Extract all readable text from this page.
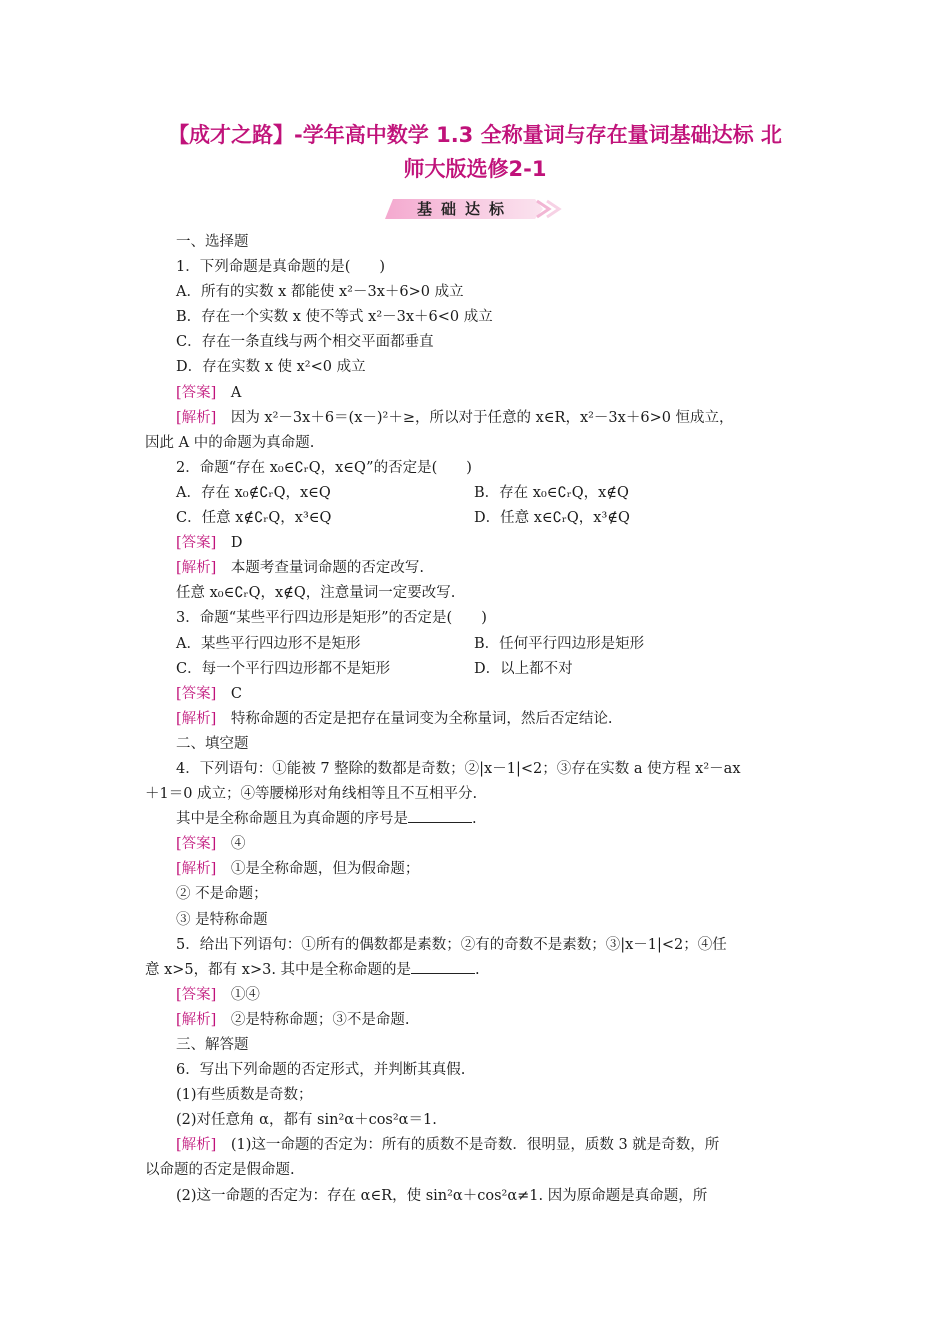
【成才之路】-学年高中数学 1.3 全称量词与存在量词基础达标 北
师大版选修2-1
基础达标
一、选择题
1．下列命题是真命题的是(　　)
A．所有的实数 x 都能使 x²－3x＋6>0 成立
B．存在一个实数 x 使不等式 x²－3x＋6<0 成立
C．存在一条直线与两个相交平面都垂直
D．存在实数 x 使 x²<0 成立
[答案]　A
[解析]　因为 x²－3x＋6＝(x－)²＋≥，所以对于任意的 x∈R，x²－3x＋6>0 恒成立，
因此 A 中的命题为真命题.
2．命题“存在 x₀∈∁ᵣQ，x∈Q”的否定是(　　)
A．存在 x₀∉∁ᵣQ，x∈Q	B．存在 x₀∈∁ᵣQ，x∉Q
C．任意 x∉∁ᵣQ，x³∈Q	D．任意 x∈∁ᵣQ，x³∉Q
[答案]　D
[解析]　本题考查量词命题的否定改写.
任意 x₀∈∁ᵣQ，x∉Q，注意量词一定要改写.
3．命题“某些平行四边形是矩形”的否定是(　　)
A．某些平行四边形不是矩形	B．任何平行四边形是矩形
C．每一个平行四边形都不是矩形	D．以上都不对
[答案]　C
[解析]　特称命题的否定是把存在量词变为全称量词，然后否定结论.
二、填空题
4．下列语句：①能被 7 整除的数都是奇数；②|x－1|<2；③存在实数 a 使方程 x²－ax
＋1＝0 成立；④等腰梯形对角线相等且不互相平分.
其中是全称命题且为真命题的序号是	.
[答案]　④
[解析]　①是全称命题，但为假命题；
② 不是命题；
③ 是特称命题
5．给出下列语句：①所有的偶数都是素数；②有的奇数不是素数；③|x－1|<2；④任
意 x>5，都有 x>3. 其中是全称命题的是	.
[答案]　①④
[解析]　②是特称命题；③不是命题.
三、解答题
6．写出下列命题的否定形式，并判断其真假.
(1)有些质数是奇数；
(2)对任意角 α，都有 sin²α＋cos²α＝1.
[解析]　(1)这一命题的否定为：所有的质数不是奇数．很明显，质数 3 就是奇数，所
以命题的否定是假命题.
(2)这一命题的否定为：存在 α∈R，使 sin²α＋cos²α≠1. 因为原命题是真命题，所
